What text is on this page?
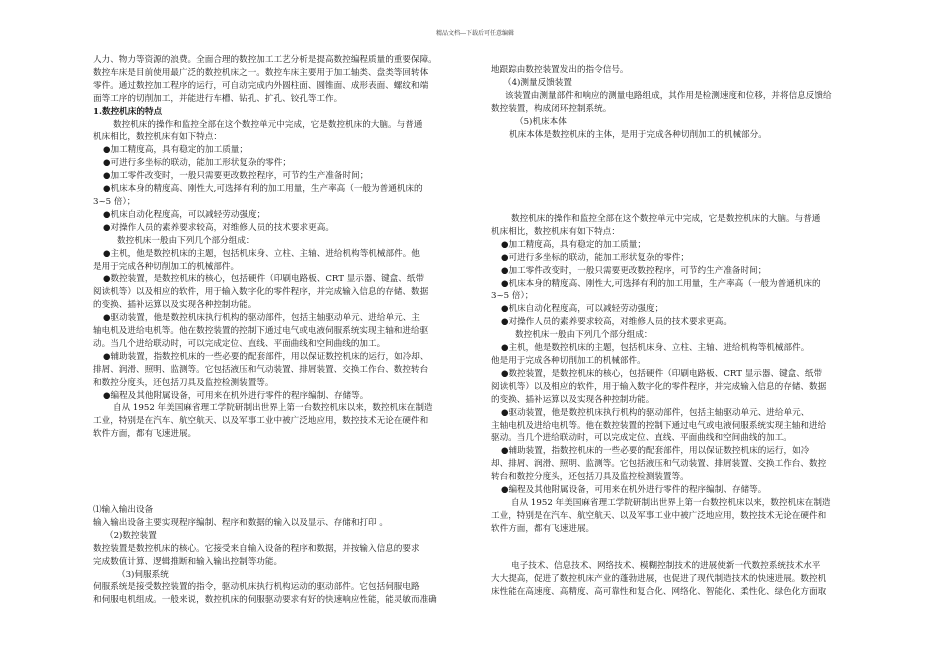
精品文档---下载后可任意编辑

人力、物力等资源的浪费。全面合理的数控加工工艺分析是提高数控编程质量的重要保障。

数控车床是目前使用最广泛的数控机床之一。数控车床主要用于加工轴类、盘类等回转体

零件。通过数控加工程序的运行，可自动完成内外圆柱面、圆锥面、成形表面、螺纹和端

面等工序的切削加工，并能进行车槽、钻孔、扩孔、铰孔等工作。

1.数控机床的特点

数控机床的操作和监控全部在这个数控单元中完成，它是数控机床的大脑。与普通

机床相比，数控机床有如下特点：

●加工精度高，具有稳定的加工质量；

●可进行多坐标的联动，能加工形状复杂的零件；

●加工零件改变时，一般只需要更改数控程序，可节约生产准备时间；

●机床本身的精度高、刚性大,可选择有利的加工用量，生产率高（一般为普通机床的

3~5 倍）；

●机床自动化程度高，可以减轻劳动强度；

●对操作人员的素养要求较高，对维修人员的技术要求更高。

数控机床一般由下列几个部分组成：

●主机，他是数控机床的主题，包括机床身、立柱、主轴、进给机构等机械部件。他

是用于完成各种切削加工的机械部件。

●数控装置，是数控机床的核心，包括硬件（印刷电路板、CRT 显示器、键盒、纸带

阅读机等）以及相应的软件，用于输入数字化的零件程序，并完成输入信息的存储、数据

的变换、插补运算以及实现各种控制功能。

●驱动装置，他是数控机床执行机构的驱动部件，包括主轴驱动单元、进给单元、主

轴电机及进给电机等。他在数控装置的控制下通过电气或电液伺服系统实现主轴和进给驱

动。当几个进给联动时，可以完成定位、直线、平面曲线和空间曲线的加工。

●辅助装置，指数控机床的一些必要的配套部件，用以保证数控机床的运行，如冷却、

排屑、润滑、照明、监测等。它包括液压和气动装置、排屑装置、交换工作台、数控转台

和数控分度头，还包括刀具及监控检测装置等。

●编程及其他附属设备，可用来在机外进行零件的程序编制、存储等。

自从 1952 年美国麻省理工学院研制出世界上第一台数控机床以来，数控机床在制造

工业，特别是在汽车、航空航天、以及军事工业中被广泛地应用，数控技术无论在硬件和

软件方面，都有飞速进展。

⑴输入输出设备

输入输出设备主要实现程序编制、程序和数据的输入以及显示、存储和打印 。

（2)数控装置

数控装置是数控机床的核心。它接受来自输入设备的程序和数据，并按输入信息的要求

完成数值计算、逻辑推断和输入输出控制等功能。

（3)伺服系统

伺服系统是接受数控装置的指令，驱动机床执行机构运动的驱动部件。它包括伺服电路

和伺服电机组成。一般来说，数控机床的伺服驱动要求有好的快速响应性能，能灵敏而准确

地跟踪由数控装置发出的指令信号。

（4)测量反馈装置

该装置由测量部件和响应的测量电路组成，其作用是检测速度和位移，并将信息反馈给

数控装置，构成闭环控制系统。

（5)机床本体

机床本体是数控机床的主体，是用于完成各种切削加工的机械部分。

数控机床的操作和监控全部在这个数控单元中完成，它是数控机床的大脑。与普通

机床相比，数控机床有如下特点：

●加工精度高，具有稳定的加工质量；

●可进行多坐标的联动，能加工形状复杂的零件；

●加工零件改变时，一般只需要更改数控程序，可节约生产准备时间；

●机床本身的精度高、刚性大,可选择有利的加工用量，生产率高（一般为普通机床的

3~5 倍）；

●机床自动化程度高，可以减轻劳动强度；

●对操作人员的素养要求较高，对维修人员的技术要求更高。

数控机床一般由下列几个部分组成：

●主机，他是数控机床的主题，包括机床身、立柱、主轴、进给机构等机械部件。

他是用于完成各种切削加工的机械部件。

●数控装置，是数控机床的核心，包括硬件（印刷电路板、CRT 显示器、键盒、纸带

阅读机等）以及相应的软件，用于输入数字化的零件程序，并完成输入信息的存储、数据

的变换、插补运算以及实现各种控制功能。

●驱动装置，他是数控机床执行机构的驱动部件，包括主轴驱动单元、进给单元、

主轴电机及进给电机等。他在数控装置的控制下通过电气或电液伺服系统实现主轴和进给

驱动。当几个进给联动时，可以完成定位、直线、平面曲线和空间曲线的加工。

●辅助装置，指数控机床的一些必要的配套部件，用以保证数控机床的运行，如冷

却、排屑、润滑、照明、监测等。它包括液压和气动装置、排屑装置、交换工作台、数控

转台和数控分度头，还包括刀具及监控检测装置等。

●编程及其他附属设备，可用来在机外进行零件的程序编制、存储等。

自从 1952 年美国麻省理工学院研制出世界上第一台数控机床以来，数控机床在制造

工业，特别是在汽车、航空航天、以及军事工业中被广泛地应用，数控技术无论在硬件和

软件方面，都有飞速进展。

电子技术、信息技术、网络技术、模糊控制技术的进展使新一代数控系统技术水平

大大提高，促进了数控机床产业的蓬勃进展，也促进了现代制造技术的快速进展。数控机

床性能在高速度、高精度、高可靠性和复合化、网络化、智能化、柔性化、绿色化方面取
